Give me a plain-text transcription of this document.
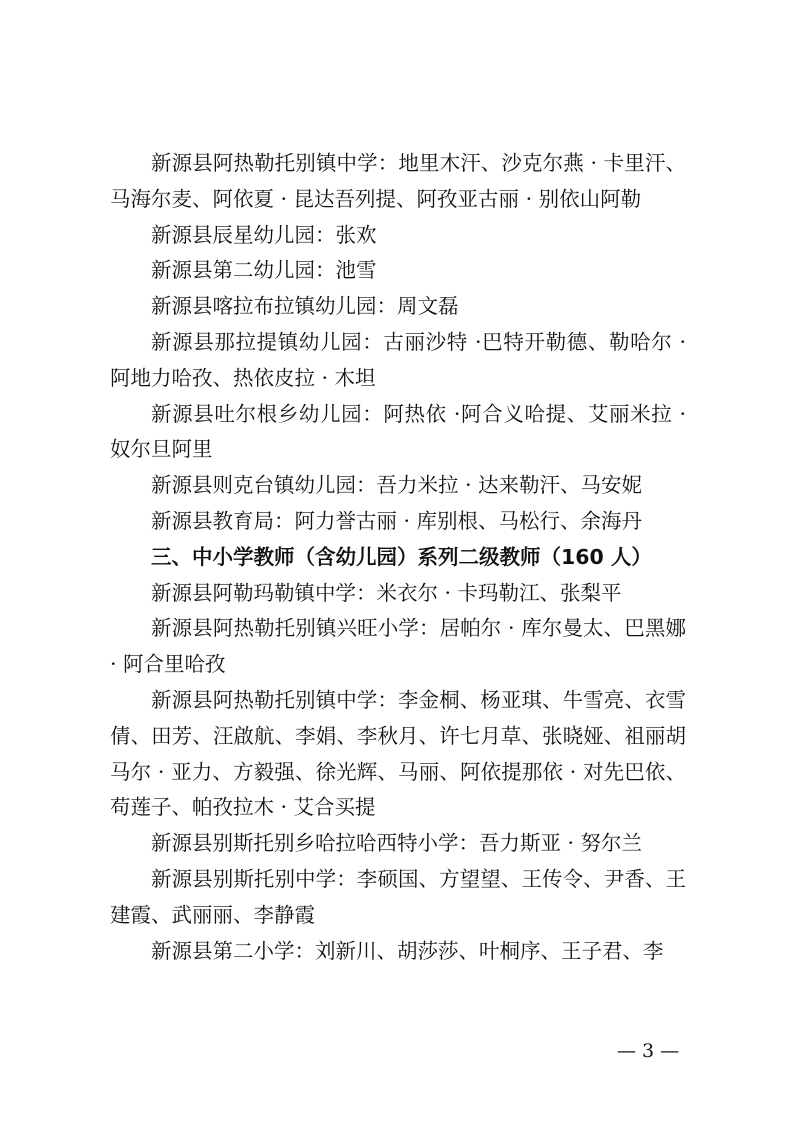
新源县阿热勒托别镇中学：地里木汗、沙克尔燕 · 卡里汗、马海尔麦、阿依夏 · 昆达吾列提、阿孜亚古丽 · 别依山阿勒

新源县辰星幼儿园：张欢

新源县第二幼儿园：池雪

新源县喀拉布拉镇幼儿园：周文磊

新源县那拉提镇幼儿园：古丽沙特 ·巴特开勒德、勒哈尔 ·阿地力哈孜、热依皮拉 · 木坦

新源县吐尔根乡幼儿园：阿热依 ·阿合义哈提、艾丽米拉 ·奴尔旦阿里

新源县则克台镇幼儿园：吾力米拉 · 达来勒汗、马安妮

新源县教育局：阿力誉古丽 · 库别根、马松行、余海丹

三、中小学教师（含幼儿园）系列二级教师（160 人）

新源县阿勒玛勒镇中学：米衣尔 · 卡玛勒江、张梨平

新源县阿热勒托别镇兴旺小学：居帕尔 · 库尔曼太、巴黑娜 · 阿合里哈孜

新源县阿热勒托别镇中学：李金桐、杨亚琪、牛雪亮、衣雪倩、田芳、汪啟航、李娟、李秋月、许七月草、张晓娅、祖丽胡马尔 · 亚力、方毅强、徐光辉、马丽、阿依提那依 · 对先巴依、苟莲子、帕孜拉木 · 艾合买提

新源县别斯托别乡哈拉哈西特小学：吾力斯亚 · 努尔兰

新源县别斯托别中学：李硕国、方望望、王传令、尹香、王建霞、武丽丽、李静霞

新源县第二小学：刘新川、胡莎莎、叶桐序、王子君、李

— 3 —
